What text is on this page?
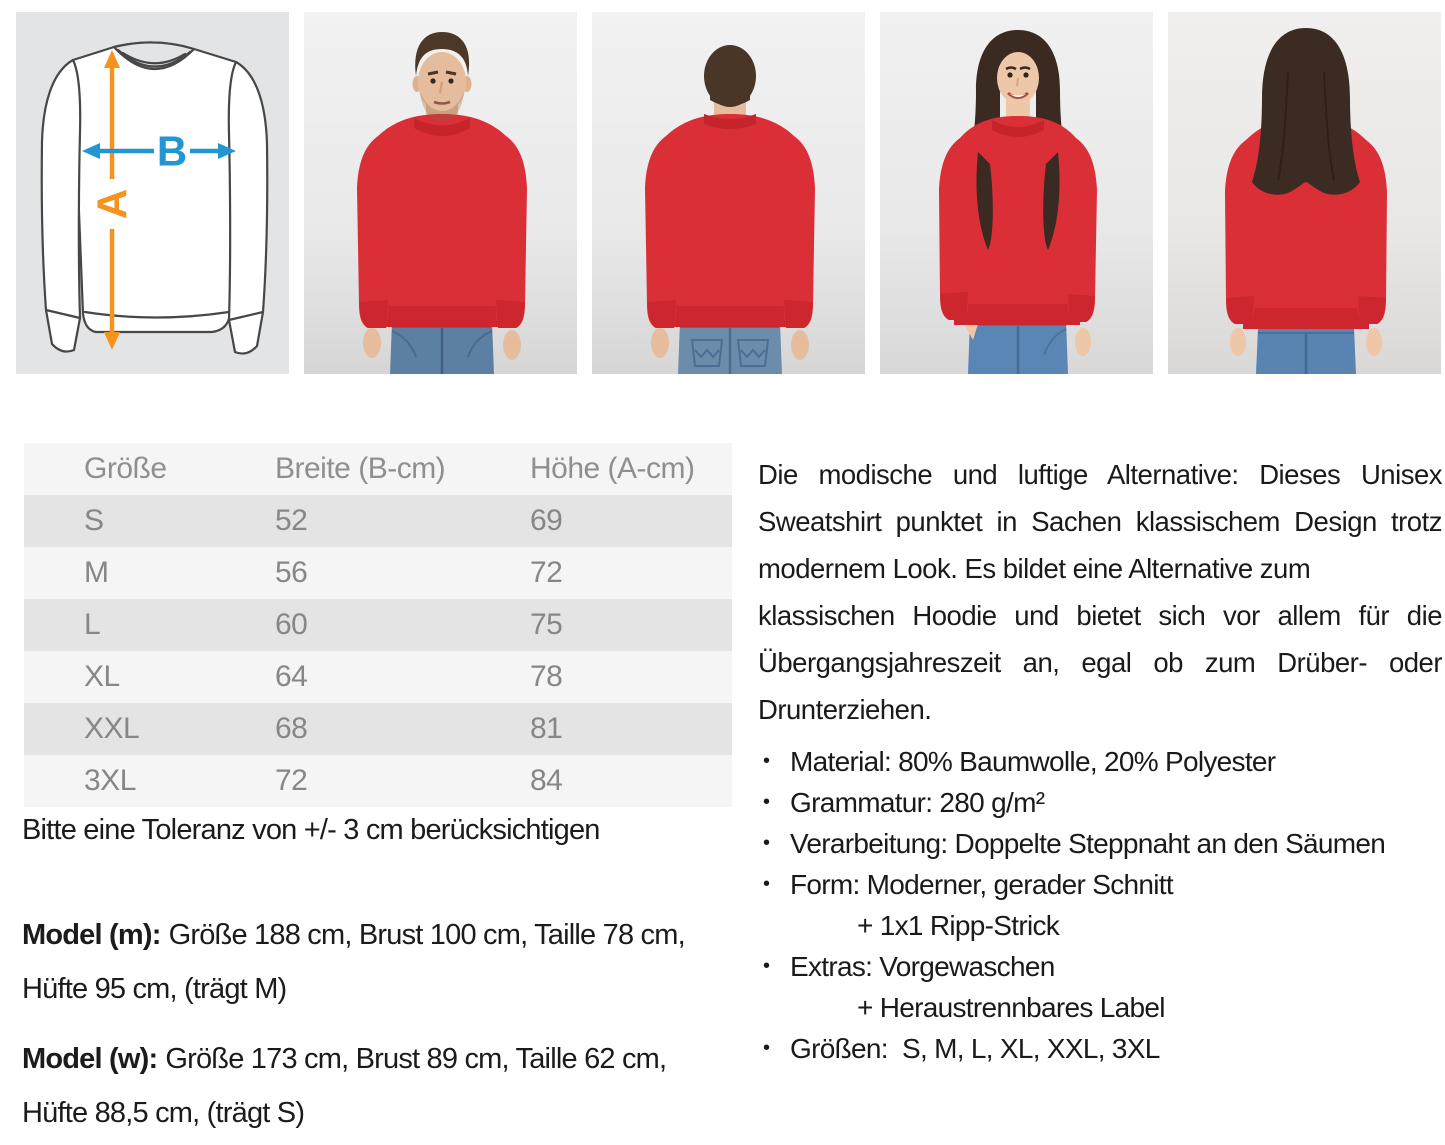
A
B
Größe	Breite (B-cm)	Höhe (A-cm)
S	52	69
M	56	72
L	60	75
XL	64	78
XXL	68	81
3XL	72	84
Bitte eine Toleranz von +/- 3 cm berücksichtigen
Model (m): Größe 188 cm, Brust 100 cm, Taille 78 cm, Hüfte 95 cm, (trägt M)
Model (w): Größe 173 cm, Brust 89 cm, Taille 62 cm, Hüfte 88,5 cm, (trägt S)
Die modische und luftige Alternative: Dieses Unisex
Sweatshirt punktet in Sachen klassischem Design trotz
modernem Look. Es bildet eine Alternative zum
klassischen Hoodie und bietet sich vor allem für die
Übergangsjahreszeit an, egal ob zum Drüber- oder
Drunterziehen.
• Material: 80% Baumwolle, 20% Polyester
• Grammatur: 280 g/m²
• Verarbeitung: Doppelte Steppnaht an den Säumen
• Form: Moderner, gerader Schnitt
+ 1x1 Ripp-Strick
• Extras: Vorgewaschen
+ Heraustrennbares Label
• Größen:  S, M, L, XL, XXL, 3XL
